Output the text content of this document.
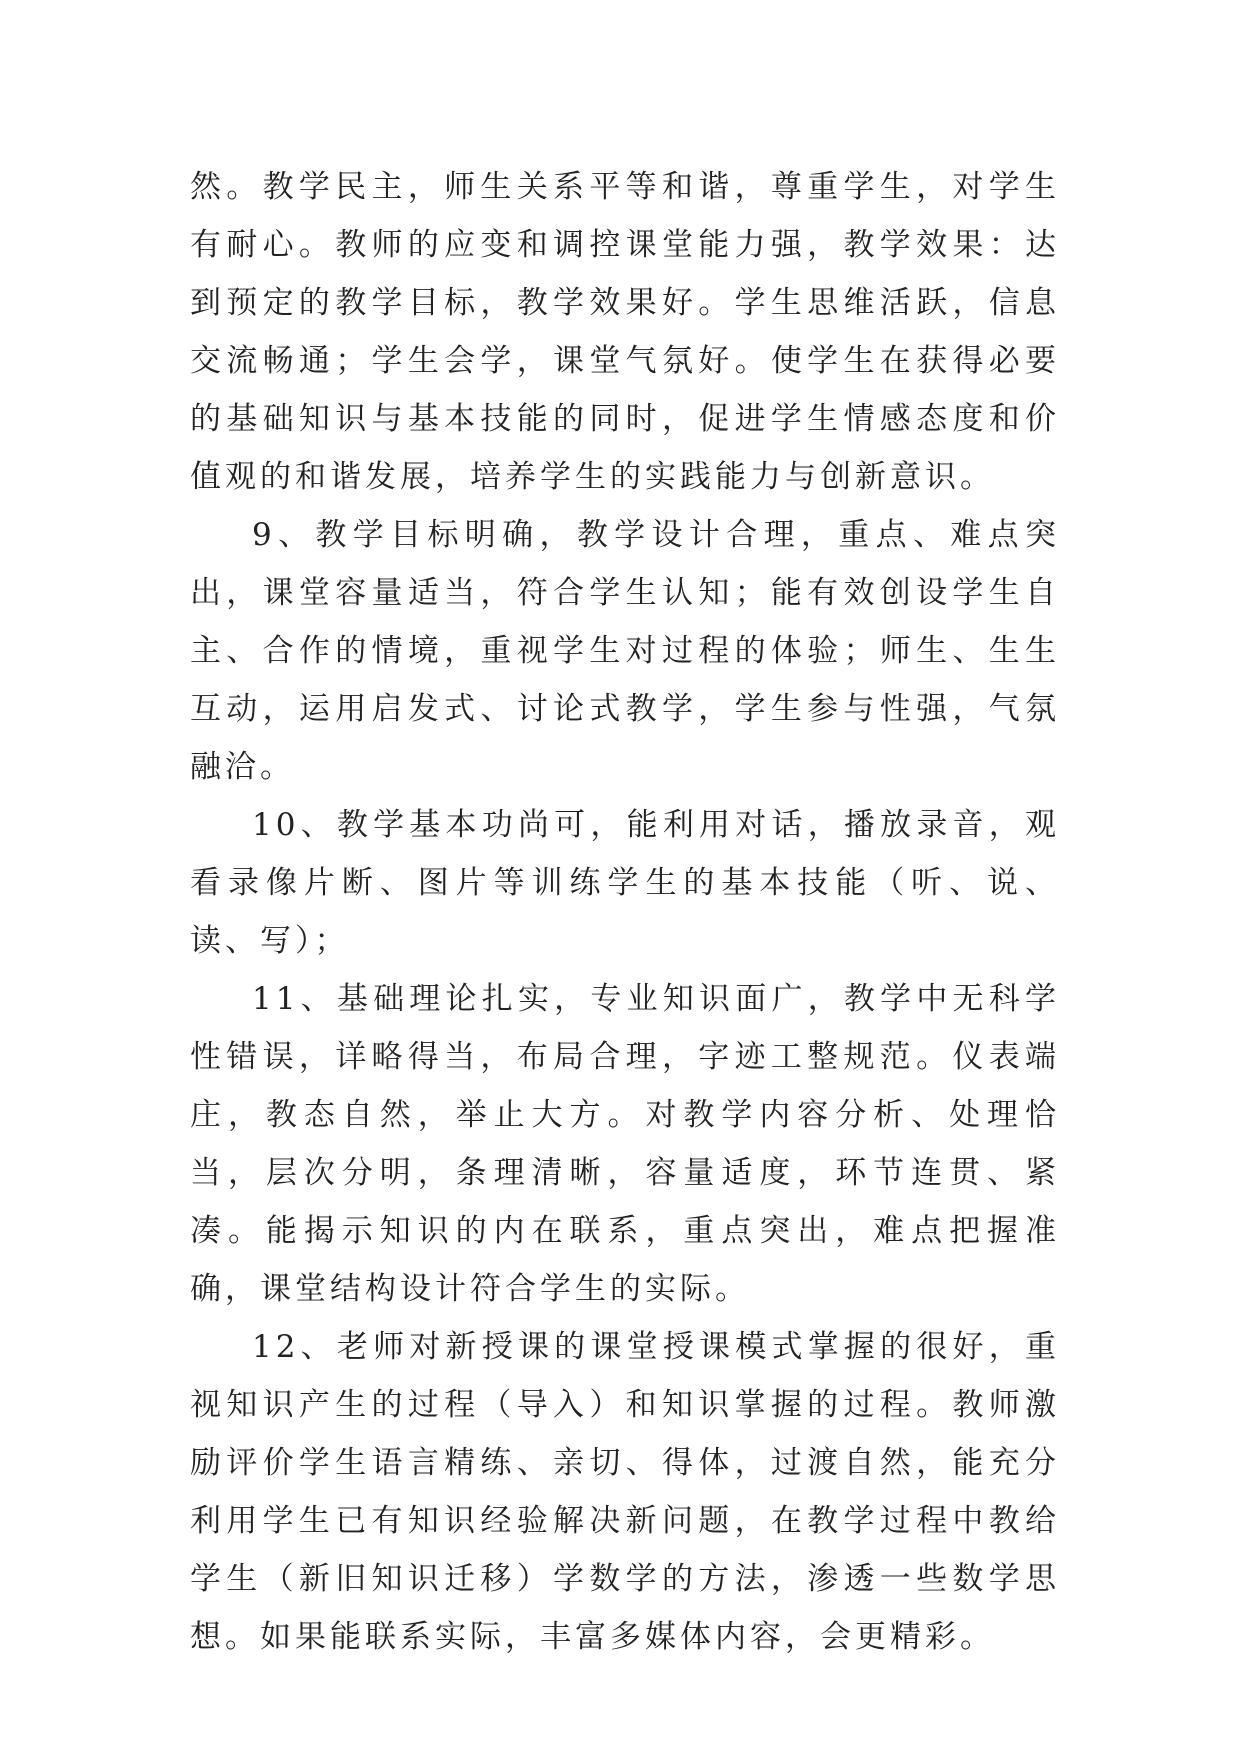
然。教学民主，师生关系平等和谐，尊重学生，对学生有耐心。教师的应变和调控课堂能力强，教学效果：达到预定的教学目标，教学效果好。学生思维活跃，信息交流畅通；学生会学，课堂气氛好。使学生在获得必要的基础知识与基本技能的同时，促进学生情感态度和价值观的和谐发展，培养学生的实践能力与创新意识。

9、教学目标明确，教学设计合理，重点、难点突出，课堂容量适当，符合学生认知；能有效创设学生自主、合作的情境，重视学生对过程的体验；师生、生生互动，运用启发式、讨论式教学，学生参与性强，气氛融洽。

10、教学基本功尚可，能利用对话，播放录音，观看录像片断、图片等训练学生的基本技能（听、说、读、写）；

11、基础理论扎实，专业知识面广，教学中无科学性错误，详略得当，布局合理，字迹工整规范。仪表端庄，教态自然，举止大方。对教学内容分析、处理恰当，层次分明，条理清晰，容量适度，环节连贯、紧凑。能揭示知识的内在联系，重点突出，难点把握准确，课堂结构设计符合学生的实际。

12、老师对新授课的课堂授课模式掌握的很好，重视知识产生的过程（导入）和知识掌握的过程。教师激励评价学生语言精练、亲切、得体，过渡自然，能充分利用学生已有知识经验解决新问题，在教学过程中教给学生（新旧知识迁移）学数学的方法，渗透一些数学思想。如果能联系实际，丰富多媒体内容，会更精彩。
